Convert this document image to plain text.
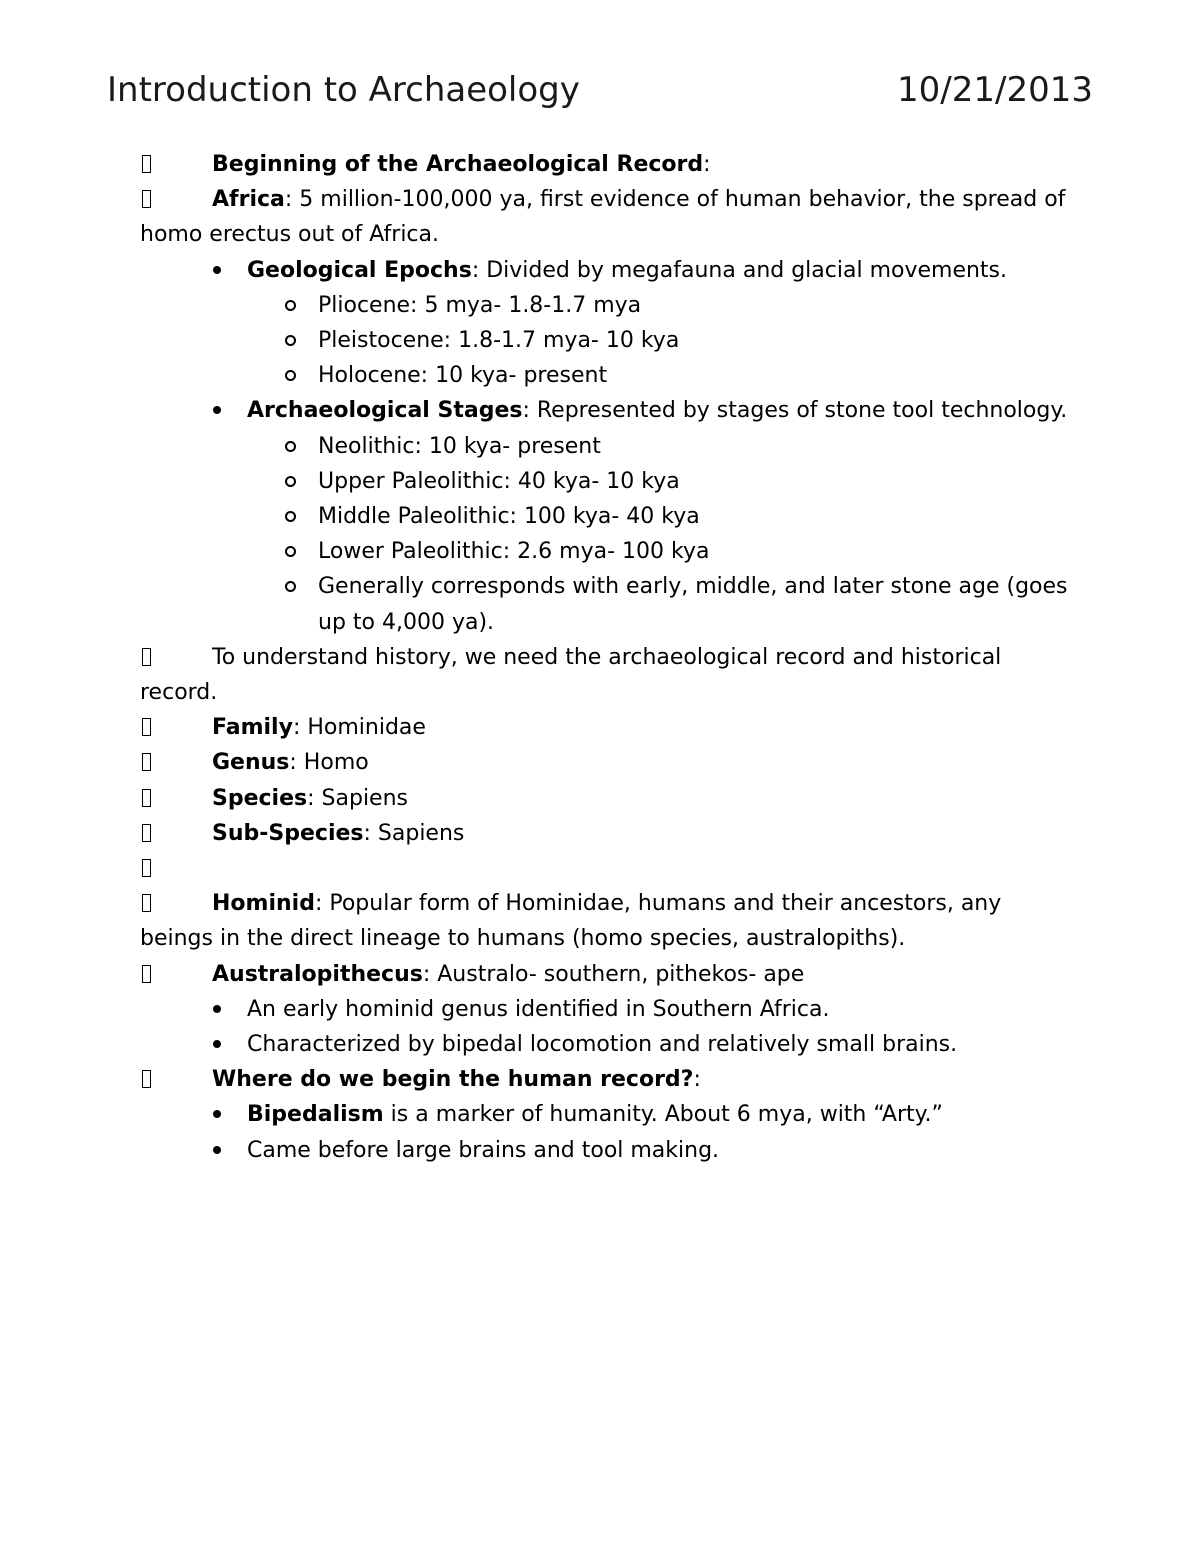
Introduction to Archaeology	10/21/2013
Beginning of the Archaeological Record:
Africa: 5 million-100,000 ya, first evidence of human behavior, the spread of homo erectus out of Africa.
Geological Epochs: Divided by megafauna and glacial movements.
Pliocene: 5 mya- 1.8-1.7 mya
Pleistocene: 1.8-1.7 mya- 10 kya
Holocene: 10 kya- present
Archaeological Stages: Represented by stages of stone tool technology.
Neolithic: 10 kya- present
Upper Paleolithic: 40 kya- 10 kya
Middle Paleolithic: 100 kya- 40 kya
Lower Paleolithic: 2.6 mya- 100 kya
Generally corresponds with early, middle, and later stone age (goes up to 4,000 ya).
To understand history, we need the archaeological record and historical record.
Family: Hominidae
Genus: Homo
Species: Sapiens
Sub-Species: Sapiens
Hominid: Popular form of Hominidae, humans and their ancestors, any beings in the direct lineage to humans (homo species, australopiths).
Australopithecus: Australo- southern, pithekos- ape
An early hominid genus identified in Southern Africa.
Characterized by bipedal locomotion and relatively small brains.
Where do we begin the human record?:
Bipedalism is a marker of humanity. About 6 mya, with “Arty.”
Came before large brains and tool making.
